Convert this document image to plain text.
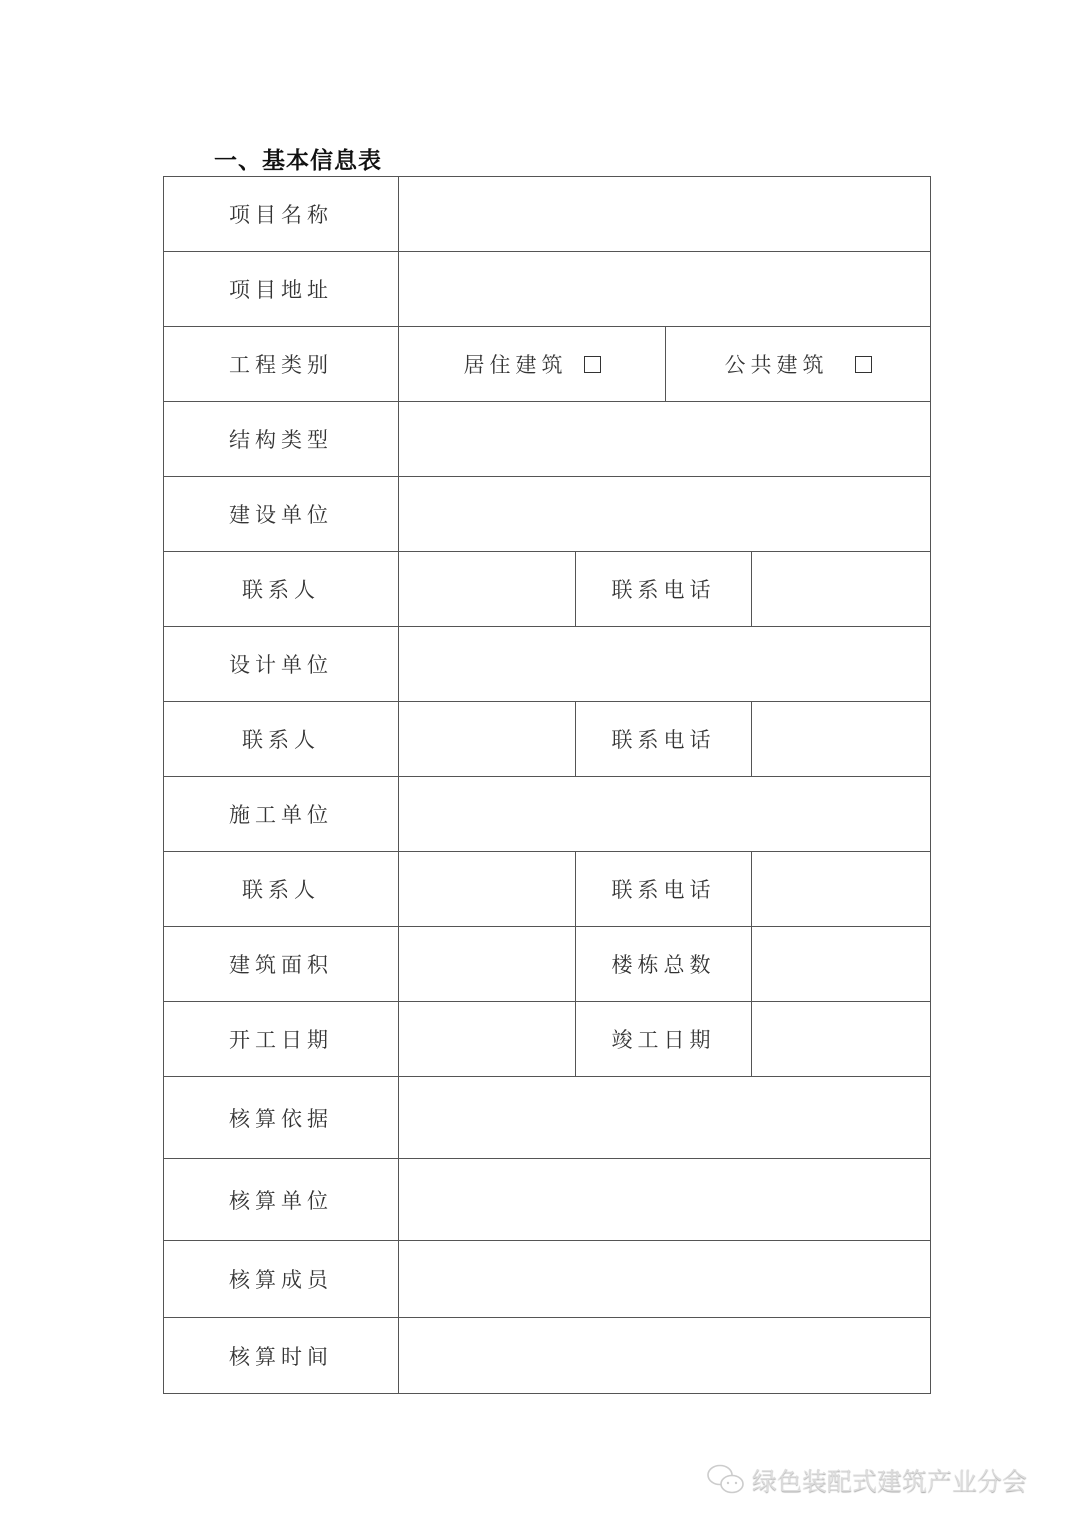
一、基本信息表
项目名称			
项目地址			
工程类别	居住建筑 公共建筑		

结构类型			
建设单位			
联系人		联系电话	
设计单位			
联系人		联系电话	
施工单位			
联系人		联系电话	
建筑面积		楼栋总数	
开工日期		竣工日期	
核算依据			
核算单位			
核算成员			
核算时间			
绿色装配式建筑产业分会
